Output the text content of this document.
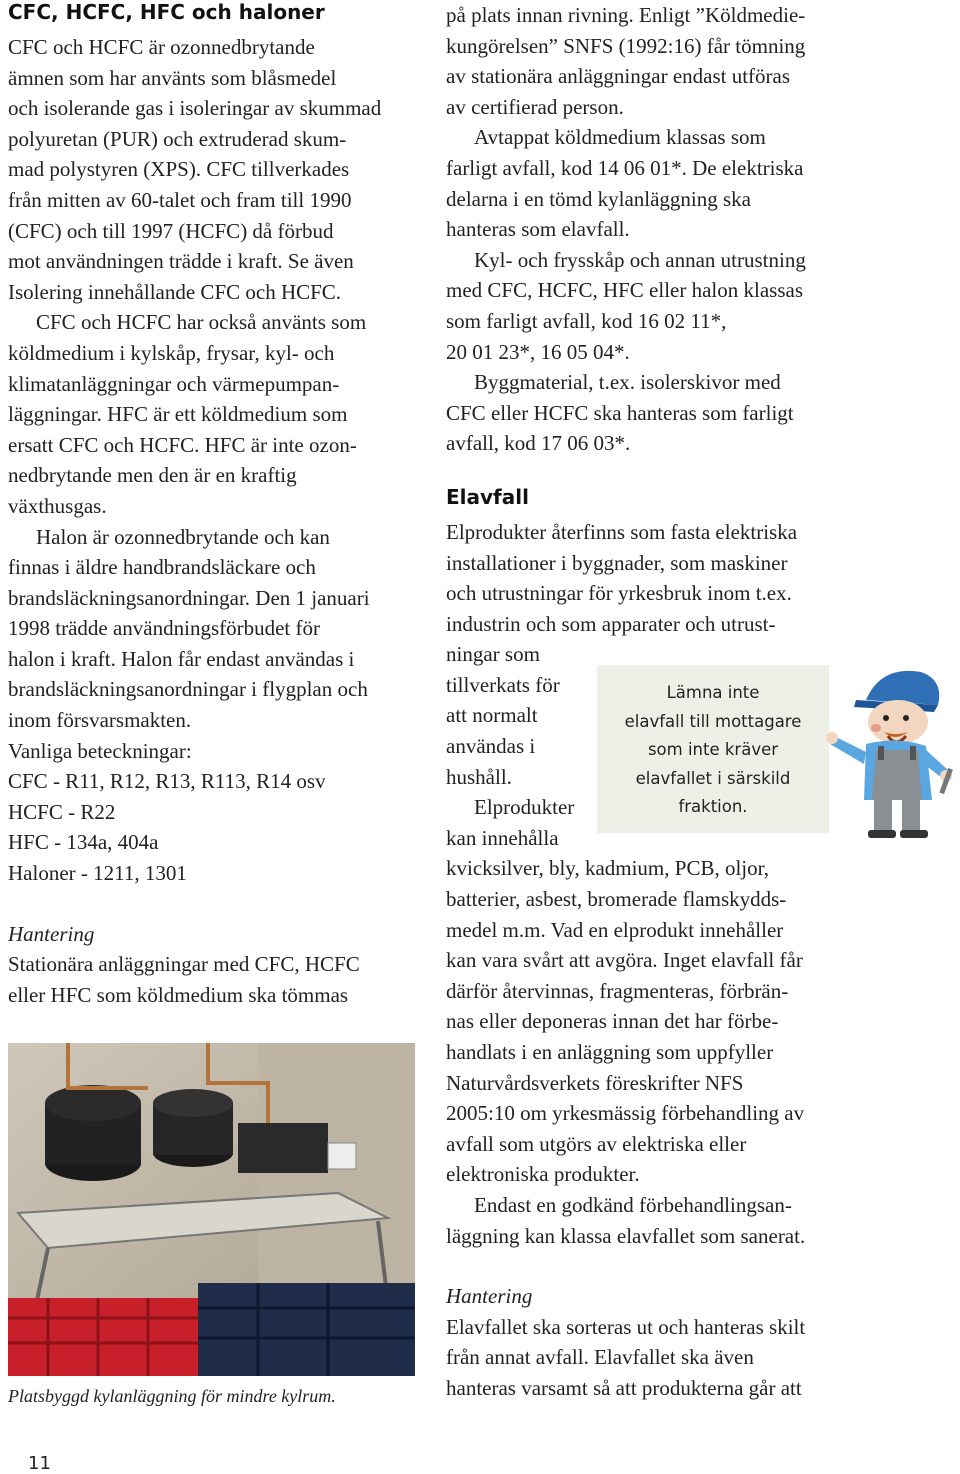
CFC, HCFC, HFC och haloner
CFC och HCFC är ozonnedbrytande
ämnen som har använts som blåsmedel
och isolerande gas i isoleringar av skummad
polyuretan (PUR) och extruderad skum-
mad polystyren (XPS). CFC tillverkades
från mitten av 60-talet och fram till 1990
(CFC) och till 1997 (HCFC) då förbud
mot användningen trädde i kraft. Se även
Isolering innehållande CFC och HCFC.
CFC och HCFC har också använts som
köldmedium i kylskåp, frysar, kyl- och
klimatanläggningar och värmepumpan-
läggningar. HFC är ett köldmedium som
ersatt CFC och HCFC. HFC är inte ozon-
nedbrytande men den är en kraftig
växthusgas.
Halon är ozonnedbrytande och kan
finnas i äldre handbrandsläckare och
brandsläckningsanordningar. Den 1 januari
1998 trädde användningsförbudet för
halon i kraft. Halon får endast användas i
brandsläckningsanordningar i flygplan och
inom försvarsmakten.
Vanliga beteckningar:
CFC - R11, R12, R13, R113, R14 osv
HCFC - R22
HFC - 134a, 404a
Haloner - 1211, 1301
Hantering
Stationära anläggningar med CFC, HCFC
eller HFC som köldmedium ska tömmas
Platsbyggd kylanläggning för mindre kylrum.
på plats innan rivning. Enligt ”Köldmedie-
kungörelsen” SNFS (1992:16) får tömning
av stationära anläggningar endast utföras
av certifierad person.
Avtappat köldmedium klassas som
farligt avfall, kod 14 06 01*. De elektriska
delarna i en tömd kylanläggning ska
hanteras som elavfall.
Kyl- och frysskåp och annan utrustning
med CFC, HCFC, HFC eller halon klassas
som farligt avfall, kod 16 02 11*,
20 01 23*, 16 05 04*.
Byggmaterial, t.ex. isolerskivor med
CFC eller HCFC ska hanteras som farligt
avfall, kod 17 06 03*.
Elavfall
Elprodukter återfinns som fasta elektriska
installationer i byggnader, som maskiner
och utrustningar för yrkesbruk inom t.ex.
industrin och som apparater och utrust-
ningar som
tillverkats för
att normalt
användas i
hushåll.
Elprodukter
kan innehålla
kvicksilver, bly, kadmium, PCB, oljor,
batterier, asbest, bromerade flamskydds-
medel m.m. Vad en elprodukt innehåller
kan vara svårt att avgöra. Inget elavfall får
därför återvinnas, fragmenteras, förbrän-
nas eller deponeras innan det har förbe-
handlats i en anläggning som uppfyller
Naturvårdsverkets föreskrifter NFS
2005:10 om yrkesmässig förbehandling av
avfall som utgörs av elektriska eller
elektroniska produkter.
Endast en godkänd förbehandlingsan-
läggning kan klassa elavfallet som sanerat.
Hantering
Elavfallet ska sorteras ut och hanteras skilt
från annat avfall. Elavfallet ska även
hanteras varsamt så att produkterna går att
Lämna inte
elavfall till mottagare
som inte kräver
elavfallet i särskild
fraktion.
11
